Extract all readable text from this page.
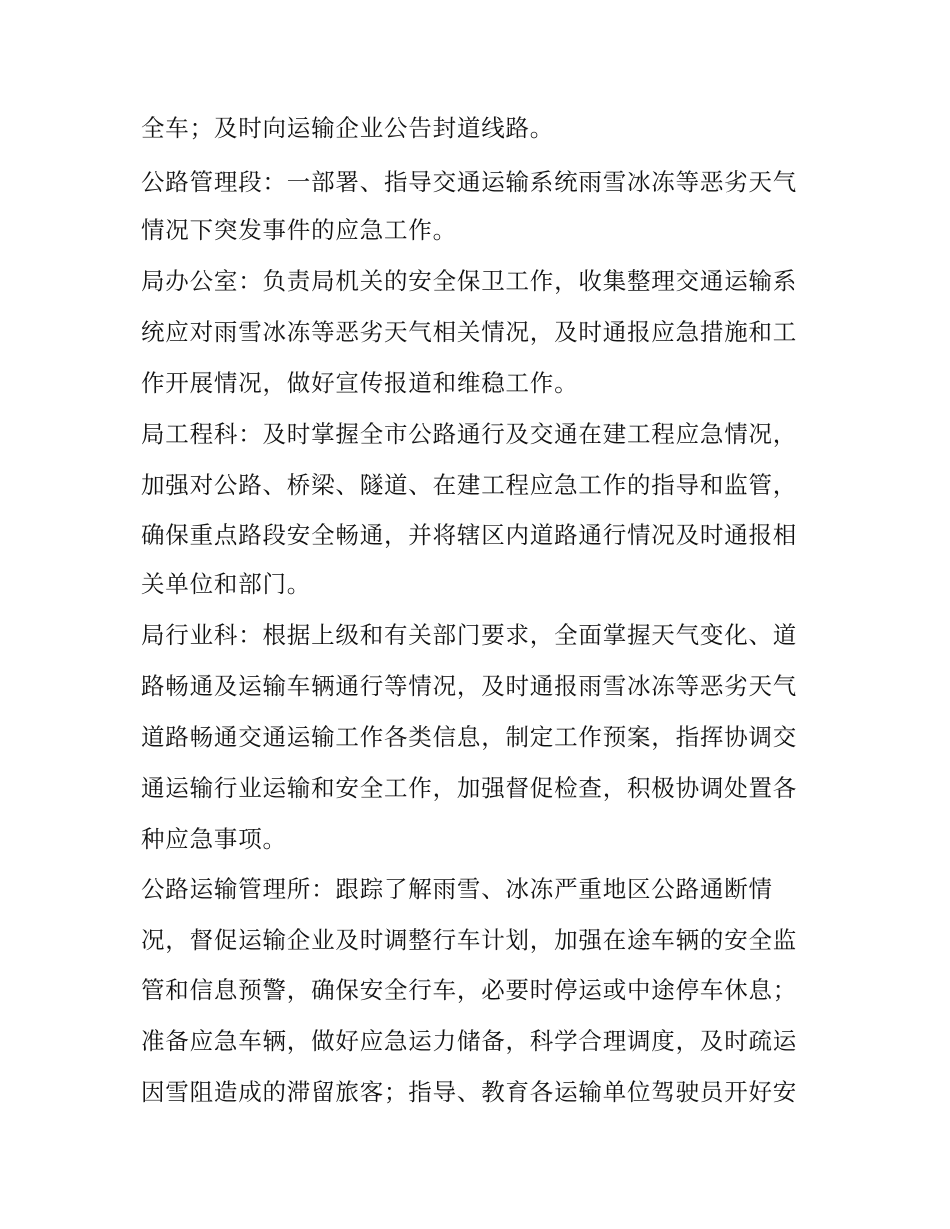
全车；及时向运输企业公告封道线路。
公路管理段：一部署、指导交通运输系统雨雪冰冻等恶劣天气
情况下突发事件的应急工作。
局办公室：负责局机关的安全保卫工作，收集整理交通运输系
统应对雨雪冰冻等恶劣天气相关情况，及时通报应急措施和工
作开展情况，做好宣传报道和维稳工作。
局工程科：及时掌握全市公路通行及交通在建工程应急情况，
加强对公路、桥梁、隧道、在建工程应急工作的指导和监管，
确保重点路段安全畅通，并将辖区内道路通行情况及时通报相
关单位和部门。
局行业科：根据上级和有关部门要求，全面掌握天气变化、道
路畅通及运输车辆通行等情况，及时通报雨雪冰冻等恶劣天气
道路畅通交通运输工作各类信息，制定工作预案，指挥协调交
通运输行业运输和安全工作，加强督促检查，积极协调处置各
种应急事项。
公路运输管理所：跟踪了解雨雪、冰冻严重地区公路通断情
况，督促运输企业及时调整行车计划，加强在途车辆的安全监
管和信息预警，确保安全行车，必要时停运或中途停车休息；
准备应急车辆，做好应急运力储备，科学合理调度，及时疏运
因雪阻造成的滞留旅客；指导、教育各运输单位驾驶员开好安
